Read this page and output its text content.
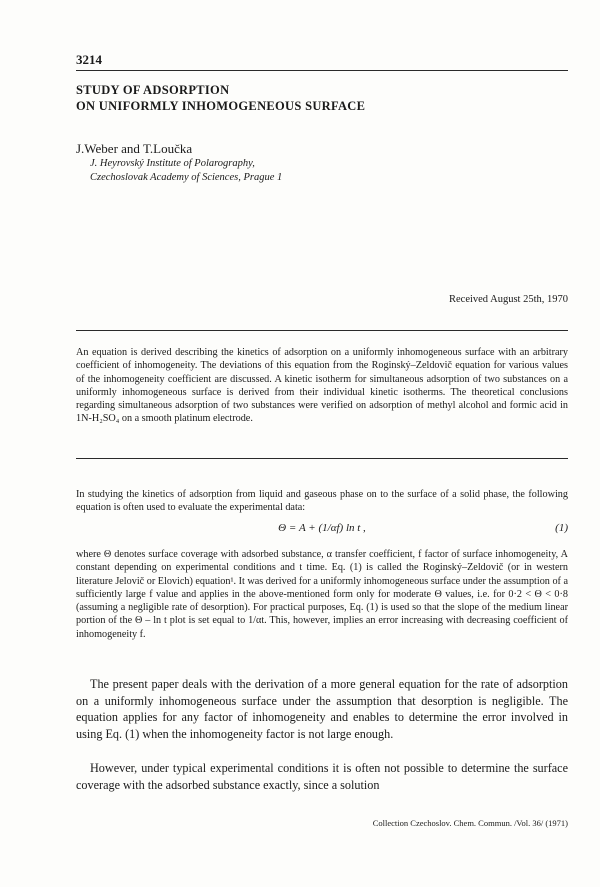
3214
STUDY OF ADSORPTION
ON UNIFORMLY INHOMOGENEOUS SURFACE
J.Weber and T.Loučka
J. Heyrovský Institute of Polarography,
Czechoslovak Academy of Sciences, Prague 1
Received August 25th, 1970

An equation is derived describing the kinetics of adsorption on a uniformly inhomogeneous surface with an arbitrary coefficient of inhomogeneity. The deviations of this equation from the Roginský–Zeldovič equation for various values of the inhomogeneity coefficient are discussed. A kinetic isotherm for simultaneous adsorption of two substances on a uniformly inhomogeneous surface is derived from their individual kinetic isotherms. The theoretical conclusions regarding simultaneous adsorption of two substances were verified on adsorption of methyl alcohol and formic acid in 1N-H₂SO₄ on a smooth platinum electrode.

In studying the kinetics of adsorption from liquid and gaseous phase on to the surface of a solid phase, the following equation is often used to evaluate the experimental data:

Θ = A + (1/αf) ln t ,	(1)

where Θ denotes surface coverage with adsorbed substance, α transfer coefficient, f factor of surface inhomogeneity, A constant depending on experimental conditions and t time. Eq. (1) is called the Roginský–Zeldovič (or in western literature Jelovič or Elovich) equation¹. It was derived for a uniformly inhomogeneous surface under the assumption of a sufficiently large f value and applies in the above-mentioned form only for moderate Θ values, i.e. for 0·2 < Θ < 0·8 (assuming a negligible rate of desorption). For practical purposes, Eq. (1) is used so that the slope of the medium linear portion of the Θ – ln t plot is set equal to 1/αt. This, however, implies an error increasing with decreasing coefficient of inhomogeneity f.

The present paper deals with the derivation of a more general equation for the rate of adsorption on a uniformly inhomogeneous surface under the assumption that desorption is negligible. The equation applies for any factor of inhomogeneity and enables to determine the error involved in using Eq. (1) when the inhomogeneity factor is not large enough.

However, under typical experimental conditions it is often not possible to determine the surface coverage with the adsorbed substance exactly, since a solution

Collection Czechoslov. Chem. Commun. /Vol. 36/ (1971)
